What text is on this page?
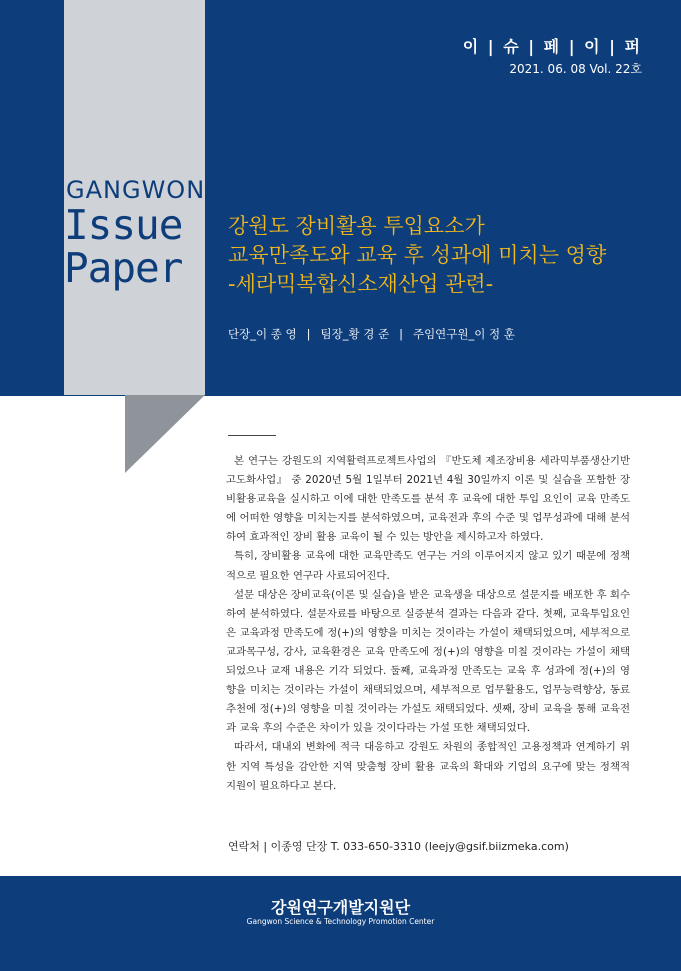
GANGWON
Issue
Paper
이 | 슈 | 페 | 이 | 퍼
2021. 06. 08 Vol. 22호
강원도 장비활용 투입요소가
교육만족도와 교육 후 성과에 미치는 영향
-세라믹복합신소재산업 관련-
단장_이 종 영 | 팀장_황 경 준 | 주임연구원_이 정 훈

본 연구는 강원도의 지역활력프로젝트사업의 『반도체 제조장비용 세라믹부품생산기반 고도화사업』 중 2020년 5월 1일부터 2021년 4월 30일까지 이론 및 실습을 포함한 장비활용교육을 실시하고 이에 대한 만족도를 분석 후 교육에 대한 투입 요인이 교육 만족도에 어떠한 영향을 미치는지를 분석하였으며, 교육전과 후의 수준 및 업무성과에 대해 분석하여 효과적인 장비 활용 교육이 될 수 있는 방안을 제시하고자 하였다.

특히, 장비활용 교육에 대한 교육만족도 연구는 거의 이루어지지 않고 있기 때문에 정책적으로 필요한 연구라 사료되어진다.

설문 대상은 장비교육(이론 및 실습)을 받은 교육생을 대상으로 설문지를 배포한 후 회수하여 분석하였다. 설문자료를 바탕으로 실증분석 결과는 다음과 같다. 첫째, 교육투입요인은 교육과정 만족도에 정(+)의 영향을 미치는 것이라는 가설이 채택되었으며, 세부적으로 교과목구성, 강사, 교육환경은 교육 만족도에 정(+)의 영향을 미칠 것이라는 가설이 채택되었으나 교재 내용은 기각 되었다. 둘째, 교육과정 만족도는 교육 후 성과에 정(+)의 영향을 미치는 것이라는 가설이 채택되었으며, 세부적으로 업무활용도, 업무능력향상, 동료추천에 정(+)의 영향을 미칠 것이라는 가설도 채택되었다. 셋째, 장비 교육을 통해 교육전과 교육 후의 수준은 차이가 있을 것이다라는 가설 또한 채택되었다.

따라서, 대내외 변화에 적극 대응하고 강원도 차원의 종합적인 고용정책과 연계하기 위한 지역 특성을 감안한 지역 맞춤형 장비 활용 교육의 확대와 기업의 요구에 맞는 정책적 지원이 필요하다고 본다.

연락처 | 이종영 단장 T. 033-650-3310 (leejy@gsif.biizmeka.com)
강원연구개발지원단
Gangwon Science & Technology Promotion Center
